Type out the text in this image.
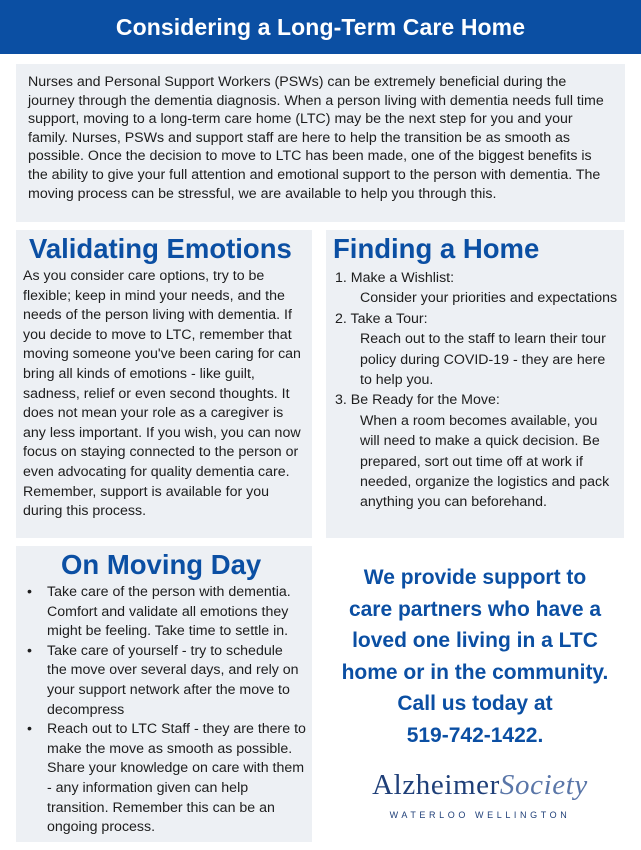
Considering a Long-Term Care Home

Nurses and Personal Support Workers (PSWs) can be extremely beneficial during the journey through the dementia diagnosis. When a person living with dementia needs full time support, moving to a long-term care home (LTC) may be the next step for you and your family. Nurses, PSWs and support staff are here to help the transition be as smooth as possible. Once the decision to move to LTC has been made, one of the biggest benefits is the ability to give your full attention and emotional support to the person with dementia. The moving process can be stressful, we are available to help you through this.

Validating Emotions

As you consider care options, try to be flexible; keep in mind your needs, and the needs of the person living with dementia. If you decide to move to LTC, remember that moving someone you've been caring for can bring all kinds of emotions - like guilt, sadness, relief or even second thoughts. It does not mean your role as a caregiver is any less important. If you wish, you can now focus on staying connected to the person or even advocating for quality dementia care. Remember, support is available for you during this process.

Finding a Home
1. Make a Wishlist:
Consider your priorities and expectations
2. Take a Tour:
Reach out to the staff to learn their tour policy during COVID-19 - they are here to help you.
3. Be Ready for the Move:
When a room becomes available, you will need to make a quick decision. Be prepared, sort out time off at work if needed, organize the logistics and pack anything you can beforehand.
On Moving Day
• Take care of the person with dementia. Comfort and validate all emotions they might be feeling. Take time to settle in.
• Take care of yourself - try to schedule the move over several days, and rely on your support network after the move to decompress
• Reach out to LTC Staff - they are there to make the move as smooth as possible. Share your knowledge on care with them - any information given can help transition. Remember this can be an ongoing process.
We provide support to
care partners who have a
loved one living in a LTC
home or in the community.
Call us today at
519-742-1422.
AlzheimerSociety
WATERLOO WELLINGTON
